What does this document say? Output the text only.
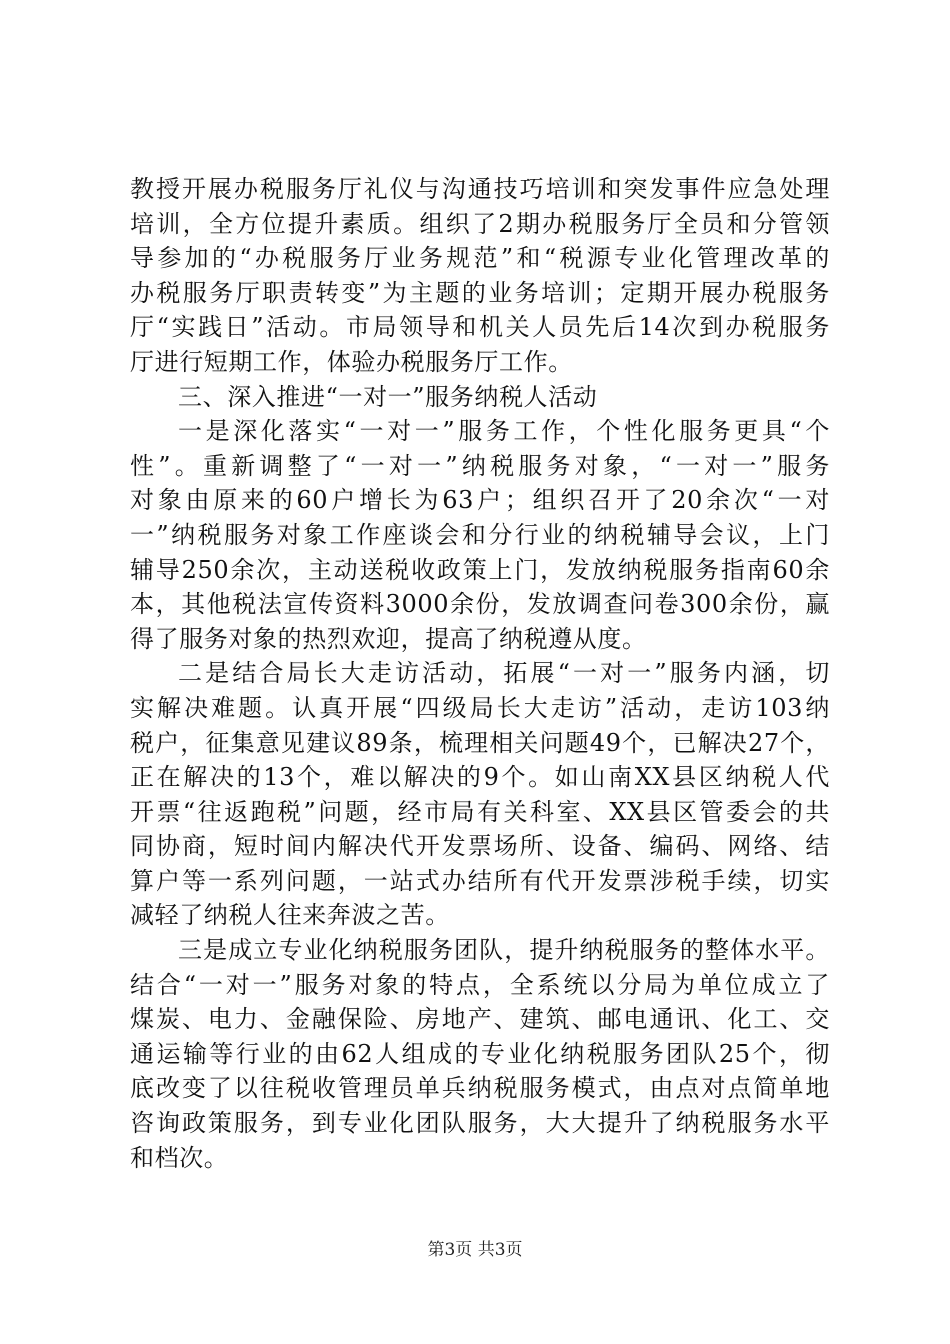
教授开展办税服务厅礼仪与沟通技巧培训和突发事件应急处理
培训，全方位提升素质。组织了2期办税服务厅全员和分管领
导参加的“办税服务厅业务规范”和“税源专业化管理改革的
办税服务厅职责转变”为主题的业务培训；定期开展办税服务
厅“实践日”活动。市局领导和机关人员先后14次到办税服务
厅进行短期工作，体验办税服务厅工作。
三、深入推进“一对一”服务纳税人活动
一是深化落实“一对一”服务工作，个性化服务更具“个
性”。重新调整了“一对一”纳税服务对象，“一对一”服务
对象由原来的60户增长为63户；组织召开了20余次“一对
一”纳税服务对象工作座谈会和分行业的纳税辅导会议，上门
辅导250余次，主动送税收政策上门，发放纳税服务指南60余
本，其他税法宣传资料3000余份，发放调查问卷300余份，赢
得了服务对象的热烈欢迎，提高了纳税遵从度。
二是结合局长大走访活动，拓展“一对一”服务内涵，切
实解决难题。认真开展“四级局长大走访”活动，走访103纳
税户，征集意见建议89条，梳理相关问题49个，已解决27个，
正在解决的13个，难以解决的9个。如山南XX县区纳税人代
开票“往返跑税”问题，经市局有关科室、XX县区管委会的共
同协商，短时间内解决代开发票场所、设备、编码、网络、结
算户等一系列问题，一站式办结所有代开发票涉税手续，切实
减轻了纳税人往来奔波之苦。
三是成立专业化纳税服务团队，提升纳税服务的整体水平。
结合“一对一”服务对象的特点，全系统以分局为单位成立了
煤炭、电力、金融保险、房地产、建筑、邮电通讯、化工、交
通运输等行业的由62人组成的专业化纳税服务团队25个，彻
底改变了以往税收管理员单兵纳税服务模式，由点对点简单地
咨询政策服务，到专业化团队服务，大大提升了纳税服务水平
和档次。
第3页 共3页
